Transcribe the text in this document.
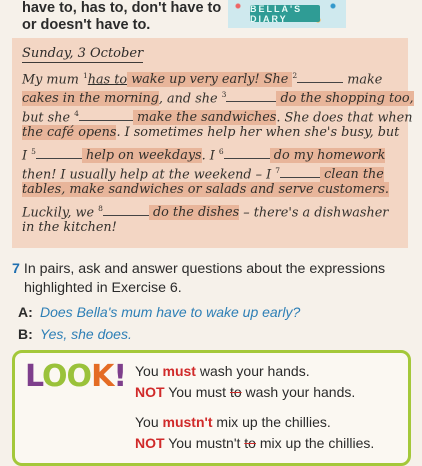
have to, has to, don't have to
or doesn't have to.
BELLA'S DIARY
Sunday, 3 October
My mum $^1$has to wake up very early! She $^2$	make
cakes in the morning, and she $^3$	do the shopping too,
but she $^4$	make the sandwiches. She does that when
the café opens. I sometimes help her when she's busy, but
I $^5$	help on weekdays. I $^6$	do my homework
then! I usually help at the weekend – I $^7$	clean the
tables, make sandwiches or salads and serve customers.
Luckily, we $^8$	do the dishes – there's a dishwasher
in the kitchen!
7 In pairs, ask and answer questions about the expressions
highlighted in Exercise 6.
A: Does Bella's mum have to wake up early?
B: Yes, she does.
LOOK! You must wash your hands.
NOT You must to wash your hands.
You mustn't mix up the chillies.
NOT You mustn't to mix up the chillies.
